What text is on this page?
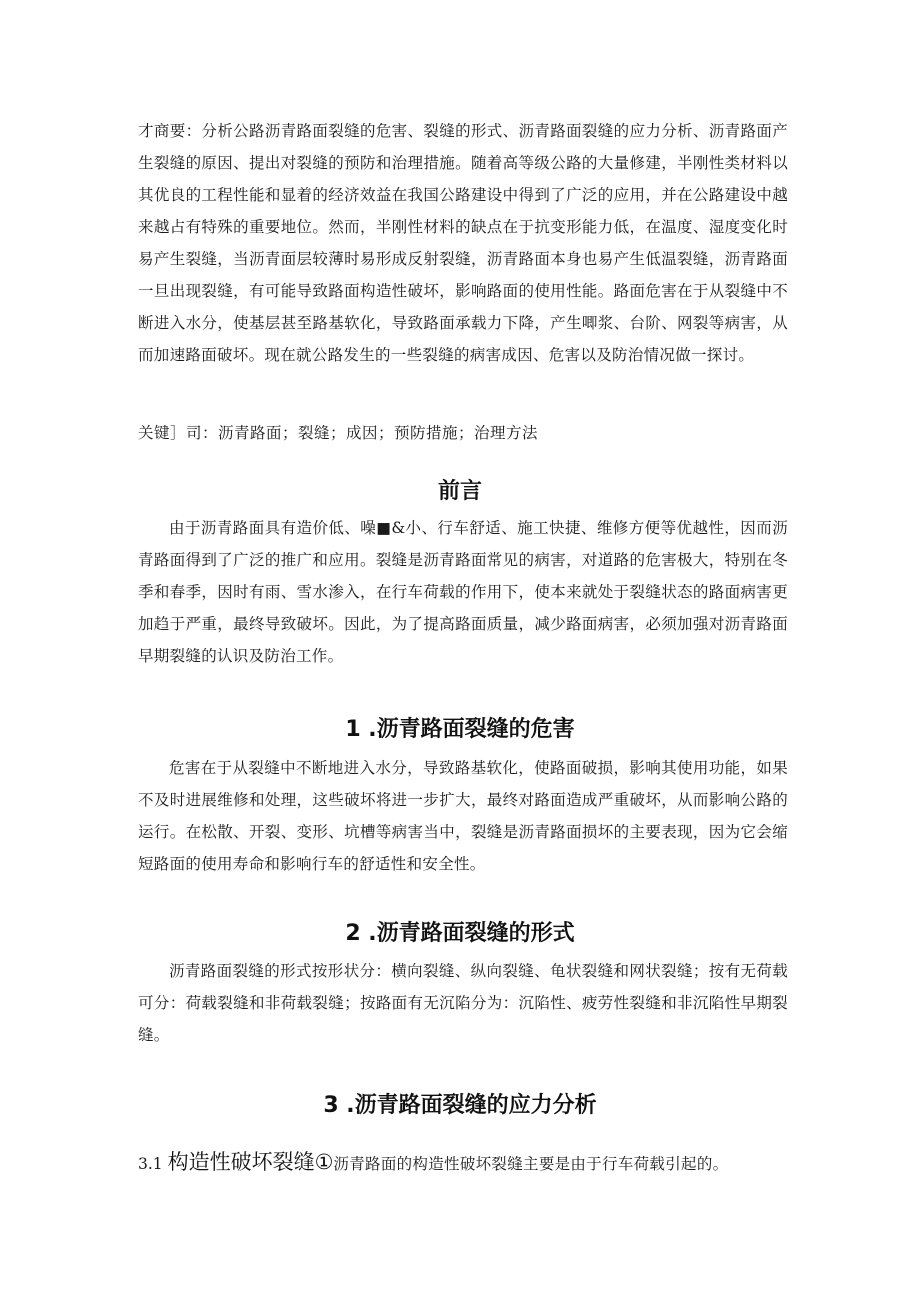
才商要：分析公路沥青路面裂缝的危害、裂缝的形式、沥青路面裂缝的应力分析、沥青路面产生裂缝的原因、提出对裂缝的预防和治理措施。随着高等级公路的大量修建，半刚性类材料以其优良的工程性能和显着的经济效益在我国公路建设中得到了广泛的应用，并在公路建设中越来越占有特殊的重要地位。然而，半刚性材料的缺点在于抗变形能力低，在温度、湿度变化时易产生裂缝，当沥青面层较薄时易形成反射裂缝，沥青路面本身也易产生低温裂缝，沥青路面一旦出现裂缝，有可能导致路面构造性破坏，影响路面的使用性能。路面危害在于从裂缝中不断进入水分，使基层甚至路基软化，导致路面承载力下降，产生唧浆、台阶、网裂等病害，从而加速路面破坏。现在就公路发生的一些裂缝的病害成因、危害以及防治情况做一探讨。

关键］司：沥青路面；裂缝；成因；预防措施；治理方法

前言

由于沥青路面具有造价低、噪■&小、行车舒适、施工快捷、维修方便等优越性，因而沥青路面得到了广泛的推广和应用。裂缝是沥青路面常见的病害，对道路的危害极大，特别在冬季和春季，因时有雨、雪水渗入，在行车荷载的作用下，使本来就处于裂缝状态的路面病害更加趋于严重，最终导致破坏。因此，为了提高路面质量，减少路面病害，必须加强对沥青路面早期裂缝的认识及防治工作。

1 .沥青路面裂缝的危害

危害在于从裂缝中不断地进入水分，导致路基软化，使路面破损，影响其使用功能，如果不及时进展维修和处理，这些破坏将进一步扩大，最终对路面造成严重破坏，从而影响公路的运行。在松散、开裂、变形、坑槽等病害当中，裂缝是沥青路面损坏的主要表现，因为它会缩短路面的使用寿命和影响行车的舒适性和安全性。

2 .沥青路面裂缝的形式

沥青路面裂缝的形式按形状分：横向裂缝、纵向裂缝、龟状裂缝和网状裂缝；按有无荷载可分：荷载裂缝和非荷载裂缝；按路面有无沉陷分为：沉陷性、疲劳性裂缝和非沉陷性早期裂缝。

3 .沥青路面裂缝的应力分析
3.1 构造性破坏裂缝①沥青路面的构造性破坏裂缝主要是由于行车荷载引起的。
